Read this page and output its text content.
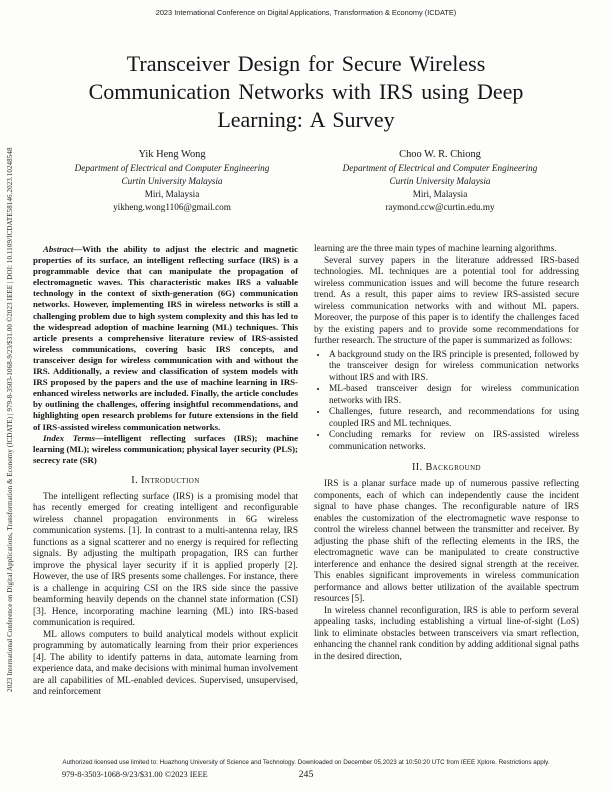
2023 International Conference on Digital Applications, Transformation & Economy (ICDATE) | 979-8-3503-1068-9/23/$31.00 ©2023 IEEE | DOI: 10.1109/ICDATE58146.2023.10248548
2023 International Conference on Digital Applications, Transformation & Economy (ICDATE)
Transceiver Design for Secure Wireless Communication Networks with IRS using Deep Learning: A Survey
Yik Heng Wong
Department of Electrical and Computer Engineering
Curtin University Malaysia
Miri, Malaysia
yikheng.wong1106@gmail.com
Choo W. R. Chiong
Department of Electrical and Computer Engineering
Curtin University Malaysia
Miri, Malaysia
raymond.ccw@curtin.edu.my

Abstract—With the ability to adjust the electric and magnetic properties of its surface, an intelligent reflecting surface (IRS) is a programmable device that can manipulate the propagation of electromagnetic waves. This characteristic makes IRS a valuable technology in the context of sixth-generation (6G) communication networks. However, implementing IRS in wireless networks is still a challenging problem due to high system complexity and this has led to the widespread adoption of machine learning (ML) techniques. This article presents a comprehensive literature review of IRS-assisted wireless communications, covering basic IRS concepts, and transceiver design for wireless communication with and without the IRS. Additionally, a review and classification of system models with IRS proposed by the papers and the use of machine learning in IRS-enhanced wireless networks are included. Finally, the article concludes by outlining the challenges, offering insightful recommendations, and highlighting open research problems for future extensions in the field of IRS-assisted wireless communication networks.

Index Terms—intelligent reflecting surfaces (IRS); machine learning (ML); wireless communication; physical layer security (PLS); secrecy rate (SR)

I. Introduction

The intelligent reflecting surface (IRS) is a promising model that has recently emerged for creating intelligent and reconfigurable wireless channel propagation environments in 6G wireless communication systems. [1]. In contrast to a multi-antenna relay, IRS functions as a signal scatterer and no energy is required for reflecting signals. By adjusting the multipath propagation, IRS can further improve the physical layer security if it is applied properly [2]. However, the use of IRS presents some challenges. For instance, there is a challenge in acquiring CSI on the IRS side since the passive beamforming heavily depends on the channel state information (CSI) [3]. Hence, incorporating machine learning (ML) into IRS-based communication is required.

ML allows computers to build analytical models without explicit programming by automatically learning from their prior experiences [4]. The ability to identify patterns in data, automate learning from experience data, and make decisions with minimal human involvement are all capabilities of ML-enabled devices. Supervised, unsupervised, and reinforcement

learning are the three main types of machine learning algorithms.

Several survey papers in the literature addressed IRS-based technologies. ML techniques are a potential tool for addressing wireless communication issues and will become the future research trend. As a result, this paper aims to review IRS-assisted secure wireless communication networks with and without ML papers. Moreover, the purpose of this paper is to identify the challenges faced by the existing papers and to provide some recommendations for further research. The structure of the paper is summarized as follows:

• A background study on the IRS principle is presented, followed by the transceiver design for wireless communication networks without IRS and with IRS.
• ML-based transceiver design for wireless communication networks with IRS.
• Challenges, future research, and recommendations for using coupled IRS and ML techniques.
• Concluding remarks for review on IRS-assisted wireless communication networks.
II. Background

IRS is a planar surface made up of numerous passive reflecting components, each of which can independently cause the incident signal to have phase changes. The reconfigurable nature of IRS enables the customization of the electromagnetic wave response to control the wireless channel between the transmitter and receiver. By adjusting the phase shift of the reflecting elements in the IRS, the electromagnetic wave can be manipulated to create constructive interference and enhance the desired signal strength at the receiver. This enables significant improvements in wireless communication performance and allows better utilization of the available spectrum resources [5].

In wireless channel reconfiguration, IRS is able to perform several appealing tasks, including establishing a virtual line-of-sight (LoS) link to eliminate obstacles between transceivers via smart reflection, enhancing the channel rank condition by adding additional signal paths in the desired direction,

Authorized licensed use limited to: Huazhong University of Science and Technology. Downloaded on December 05,2023 at 10:50:20 UTC from IEEE Xplore. Restrictions apply.
979-8-3503-1068-9/23/$31.00 ©2023 IEEE	245
